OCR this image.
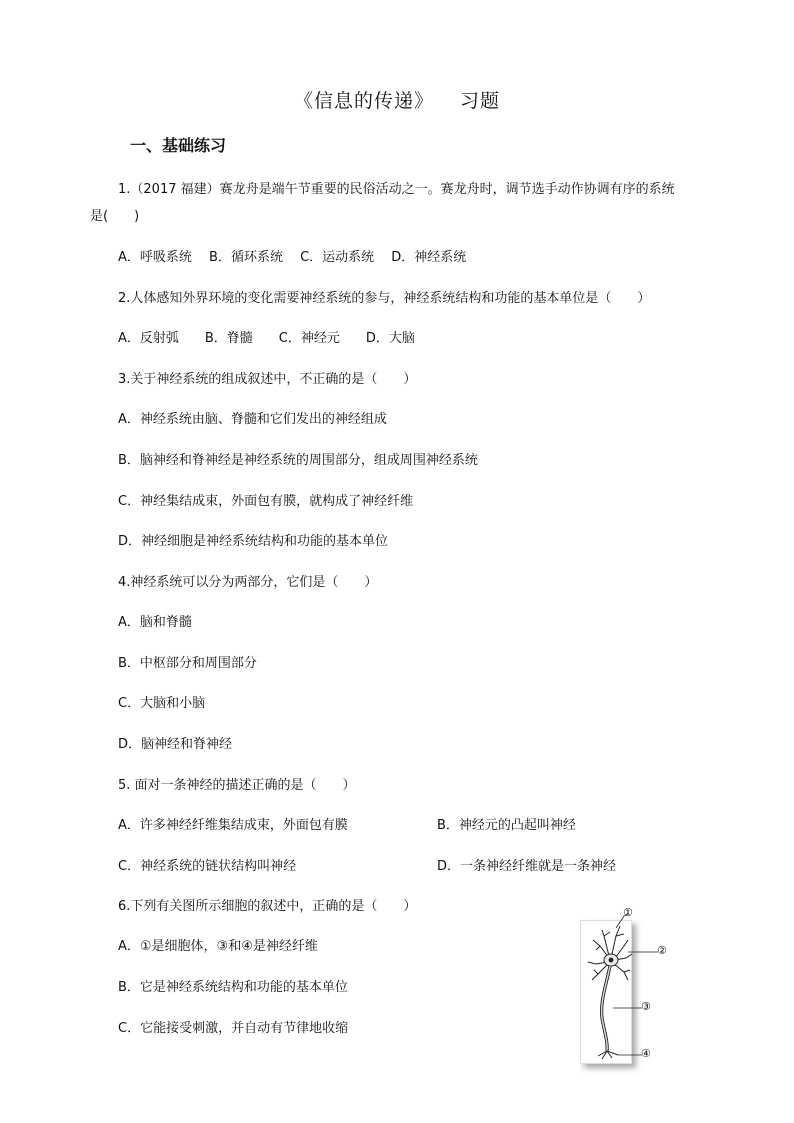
《信息的传递》 习题
一、基础练习
1.（2017 福建）赛龙舟是端午节重要的民俗活动之一。赛龙舟时，调节选手动作协调有序的系统
是(　　)
A．呼吸系统　 B．循环系统　 C．运动系统　 D．神经系统
2.人体感知外界环境的变化需要神经系统的参与，神经系统结构和功能的基本单位是（　　）
A．反射弧　　B．脊髓　　C．神经元　　D．大脑
3.关于神经系统的组成叙述中，不正确的是（　　）
A．神经系统由脑、脊髓和它们发出的神经组成
B．脑神经和脊神经是神经系统的周围部分，组成周围神经系统
C．神经集结成束，外面包有膜，就构成了神经纤维
D．神经细胞是神经系统结构和功能的基本单位
4.神经系统可以分为两部分，它们是（　　）
A．脑和脊髓
B．中枢部分和周围部分
C．大脑和小脑
D．脑神经和脊神经
5. 面对一条神经的描述正确的是（　　）
A．许多神经纤维集结成束，外面包有膜	B．神经元的凸起叫神经
C．神经系统的链状结构叫神经	D．一条神经纤维就是一条神经
6.下列有关图所示细胞的叙述中，正确的是（　　）
A．①是细胞体，③和④是神经纤维
B．它是神经系统结构和功能的基本单位
C．它能接受刺激，并自动有节律地收缩
①
②
③
④
